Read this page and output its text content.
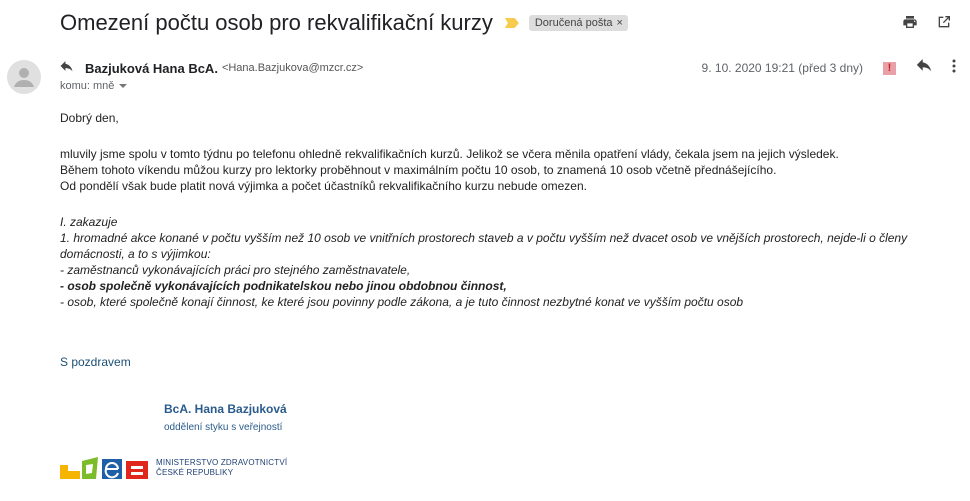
Omezení počtu osob pro rekvalifikační kurzy	Doručená pošta ×
Bazjuková Hana BcA. <Hana.Bazjukova@mzcr.cz>
komu: mně
9. 10. 2020 19:21 (před 3 dny)	!

Dobrý den,

mluvily jsme spolu v tomto týdnu po telefonu ohledně rekvalifikačních kurzů. Jelikož se včera měnila opatření vlády, čekala jsem na jejich výsledek.

Během tohoto víkendu můžou kurzy pro lektorky proběhnout v maximálním počtu 10 osob, to znamená 10 osob včetně přednášejícího.

Od pondělí však bude platit nová výjimka a počet účastníků rekvalifikačního kurzu nebude omezen.

I. zakazuje

1. hromadné akce konané v počtu vyšším než 10 osob ve vnitřních prostorech staveb a v počtu vyšším než dvacet osob ve vnějších prostorech, nejde-li o členy

domácnosti, a to s výjimkou:

- zaměstnanců vykonávajících práci pro stejného zaměstnavatele,

- osob společně vykonávajících podnikatelskou nebo jinou obdobnou činnost,

- osob, které společně konají činnost, ke které jsou povinny podle zákona, a je tuto činnost nezbytné konat ve vyšším počtu osob

S pozdravem

BcA. Hana Bazjuková
oddělení styku s veřejností
MINISTERSTVO ZDRAVOTNICTVÍ
ČESKÉ REPUBLIKY
